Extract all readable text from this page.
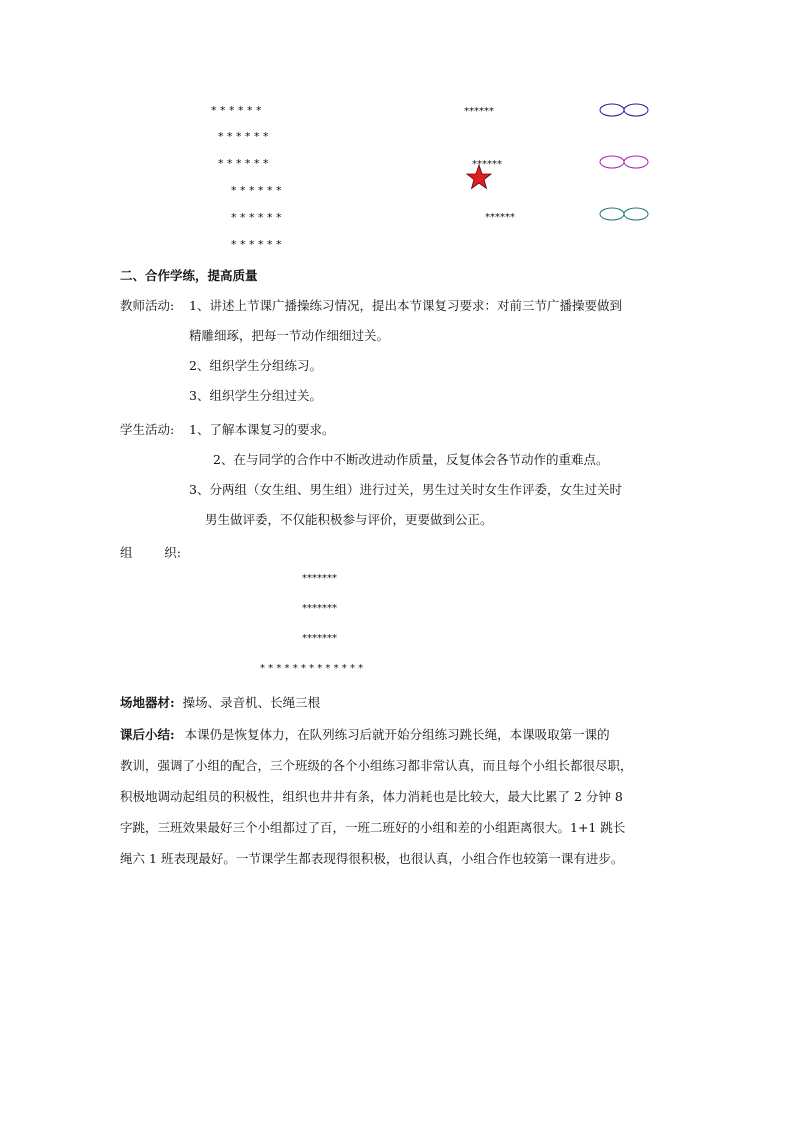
* * * * * *
* * * * * *
* * * * * *
* * * * * *
* * * * * *
* * * * * *
******
******
******
二、合作学练，提高质量
教师活动: 1、讲述上节课广播操练习情况，提出本节课复习要求：对前三节广播操要做到
精雕细琢，把每一节动作细细过关。
2、组织学生分组练习。
3、组织学生分组过关。
学生活动: 1、了解本课复习的要求。
2、在与同学的合作中不断改进动作质量，反复体会各节动作的重难点。
3、分两组（女生组、男生组）进行过关，男生过关时女生作评委，女生过关时
男生做评委，不仅能积极参与评价，更要做到公正。
组        织:
*******
*******
*******
* * * * * * * * * * * * *
场地器材: 操场、录音机、长绳三根
课后小结: 本课仍是恢复体力，在队列练习后就开始分组练习跳长绳，本课吸取第一课的
教训，强调了小组的配合，三个班级的各个小组练习都非常认真，而且每个小组长都很尽职，
积极地调动起组员的积极性，组织也井井有条，体力消耗也是比较大，最大比累了 2 分钟 8
字跳，三班效果最好三个小组都过了百，一班二班好的小组和差的小组距离很大。1+1 跳长
绳六 1 班表现最好。一节课学生都表现得很积极，也很认真，小组合作也较第一课有进步。
